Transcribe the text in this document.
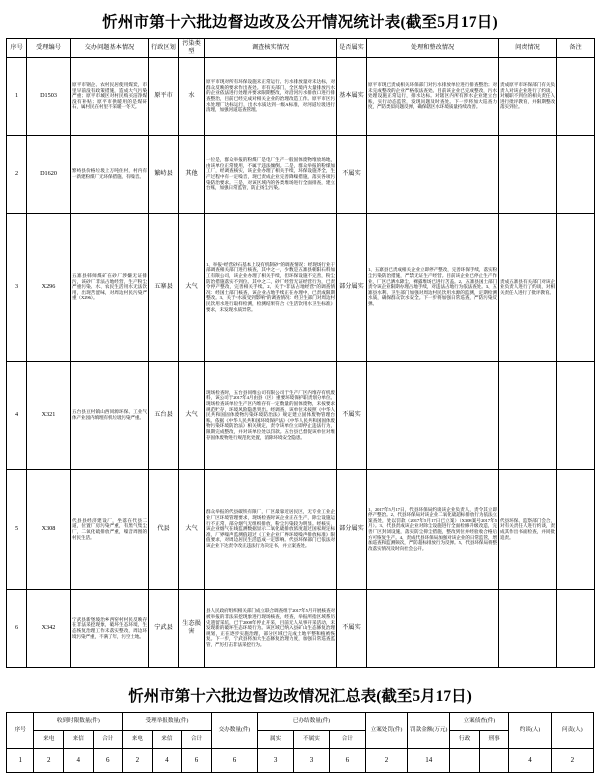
忻州市第十六批边督边改及公开情况统计表(截至5月17日)
序号	受理编号	交办问题基本情况	行政区划	污染类型	调查核实情况	是否属实	处理和整改情况	问责情况	备注
1	D1503	原平市钢企、农村民居使用煤炭，市里早前没有政策措施，造成大气污染严重；原平市城区对村民购买洁净煤没有补贴；原平市供暖用的是煤矸石，属村民在村里不采暖一冬天。	原平市	水	原平市现对所有环保设施未正常运行、污水排放量对未达标，对群众反映的要求作出查处。市有关部门，全区境内大量排放污水的企业依法进行处理并要求限期整改，对沿河污水排放口进行排查整治，目前已经完成对相关企业的治理改造工作。原平市区污水处理厂达标运行，出水水质达到一级A标准，对河道垃圾进行清理，加强河道巡查管理。	基本属实	原平市现已责成相关环保部门对污水排放单位进行排查整治；对未完成整改的企业严格依法查处。目前该企业已完成整改，污水处理设施正常运行，排水达标。对辖区内所有涉水企业建立台账，实行动态监管，发现问题及时查处。下一步将加大巡查力度，严防类似问题反弹，确保辖区水环境质量持续改善。	责成原平市环保部门有关负责人对该企业进行了约谈，对履职不到位的相关责任人进行批评教育，并限期整改落实到位。	
2	D1620	繁峙县价格垃圾上万吨住村，村内有一新建粉煤厂无环保措施、有噪音。	繁峙县	其他	一位是，群众举报的粉煤厂是电厂生产一般固体废物堆放场地，由该单位正常使用，不属于违法倾倒。二是，群众举报的粉煤加工厂，经调查核实，该企业办理了相关手续，环保设施齐全，生产过程中有一定噪音，现已责成企业完善降噪措施，落实各项污染防治要求。三是，对该区域内的各类堆场进行全面排查，建立台账，加强日常监管，防止扬尘污染。	不属实			
3	X296	五寨县韩师煤矿在砂厂涉嫌无证排污，该砂厂非法占地经营，生产粉尘严重污染、水、农民生活用水无法饮用，出现苦涩味，对周边村民污染严重（X296）。	五寨县	大气	1、举报“经营砂石基本上设有机制砂”的调查情况：经现场行业干部调查相关部门进行核查，其中之一，少数是五寨县朝阳石料加工有限公司，该企业办理了相关手续，但环保设施不完善，粉尘防治措施落实不到位。其中之二，砂厂经营无证经营行为，已责令停产整改，完善相关手续。2、关于“非法占地经营”的调查情况：经国土部门核查，该企业占地手续正在办理中，已责成限期整改。3、关于“水质受到影响”的调查情况：经卫生部门对周边村民饮用水进行取样检测，检测结果符合《生活饮用水卫生标准》要求，未发现水质异常。	部分属实	1、五寨县已责成相关企业立即停产整改，完善环保手续，落实粉尘污染防治措施，严禁无证生产经营。目前该企业已停止生产作业，厂区已洒水降尘，裸露堆场已进行苫盖。2、五寨县国土部门责令该企业限期办理占地手续，对违法占地行为依法查处。3、五寨县水利、卫生部门加强对周边村民饮用水源的监测，定期检测水质，确保群众饮水安全。下一步将加强日常巡查，严防污染反弹。	责成五寨县有关部门对该企业负责人进行了约谈，对相关责任人进行了批评教育。	
4	X321	五台县豆村镇山西同源环保、工业气体产业园内填埋有机垃圾污染严重。	五台县	大气	现场检查时，五台县同维公司有限公司于生产厂区内堆存有机废料，该公司于2017年4月由县（区）重要环境保护职责划分单位。现场检查该单位生产区内堆存有一定数量的固体废物，未按要求规范贮存，环境风险隐患突出。经调查，该单位未按照《中华人民共和国固体废物污染环境防治法》规定建立固体废物管理台账。依据《中华人民共和国环境保护法》《中华人民共和国固体废物污染环境防治法》相关规定，责令该单位立即停止违法行为，限期完成整改，并对该单位处以罚款。五台县已督促该单位对堆存固体废物进行规范化处置，消除环境安全隐患。	不属实			
5	X308	代县县经济建设厂，坐落在代县二道，位置厂房污染严重，有黑气集尘厂，二氧化硫排放严重，噪音周围的村民生活。	代县	大气	群众举报的代县碳铁有限厂，厂区最靠近居民区，无专业工业企业厂区环境管理要求，现场检查时该企业正在生产，除尘设施运行不正常，部分烟气无组织排放，粉尘污染较为明显。经核实，该企业烟气在线监测数据显示二氧化硫排放浓度超过国家规定标准，厂界噪声监测值超过《工业企业厂界环境噪声排放标准》限值要求，对周边居民生活造成一定影响。代县环保部门已依法对该企业下达责令改正违法行为决定书，并立案查处。	部分属实	1、2017年5月17日，代县环保局约谈该企业负责人，责令其立即停产整治。2、代县环保局对该企业二氧化硫超标排放行为依法立案查处，处以罚款（2017年5月17日已立案）（X308案号2017年5月）。3、代县责成该企业对除尘设施进行全面检修升级改造，完善厂区封闭设施，落实防尘抑尘措施，整改到位并经验收合格后方可恢复生产。4、责成代县环保局加强对该企业的日常监管，增加巡查和监测频次，严防超标排放行为反弹。5、代县环保局将整改落实情况及时向社会公开。	代县环保、监察部门会合，对有关责任人进行约谈，责成其作出书面检查，并同批追责。	
6	X342	宁武县新堡坡治乡西窑村村民反映存在非法采挖现象，破坏生态环境，生态恢复治理工作未落实整改，周边环境污染严重，不满了年，污空土地。	宁武县	生态损害	县人民政府组织相关部门成立联合调查组于2017年5月开展核查对被举报的非法采挖现象进行现场核查，经查，举报所指区域系历史遗留采坑，已于2008年停止开采，目前无人从事开采活动，未发现新的破坏生态环境行为。该区域已纳入县矿山生态修复治理规划，正在逐步实施治理，部分区域已完成土地平整和植被恢复。下一步，宁武县将加大生态修复治理力度，加强日常巡查监管，严厉打击非法采挖行为。	不属实			
忻州市第十六批边督边改情况汇总表(截至5月17日)
序号	收到时限数量(件)			受理举报数量(件)			交办数量(件)	已办结数量(件)			立案处罚(件)	罚款金额(万元)	立案侦查(件)		约谈(人)	问责(人)
	来电	来信	合计	来电	来信	合计		属实	不属实	合计						
													行政	刑事		
1	2	4	6	2	4	6	6	3	3	6	2	14			4	2
